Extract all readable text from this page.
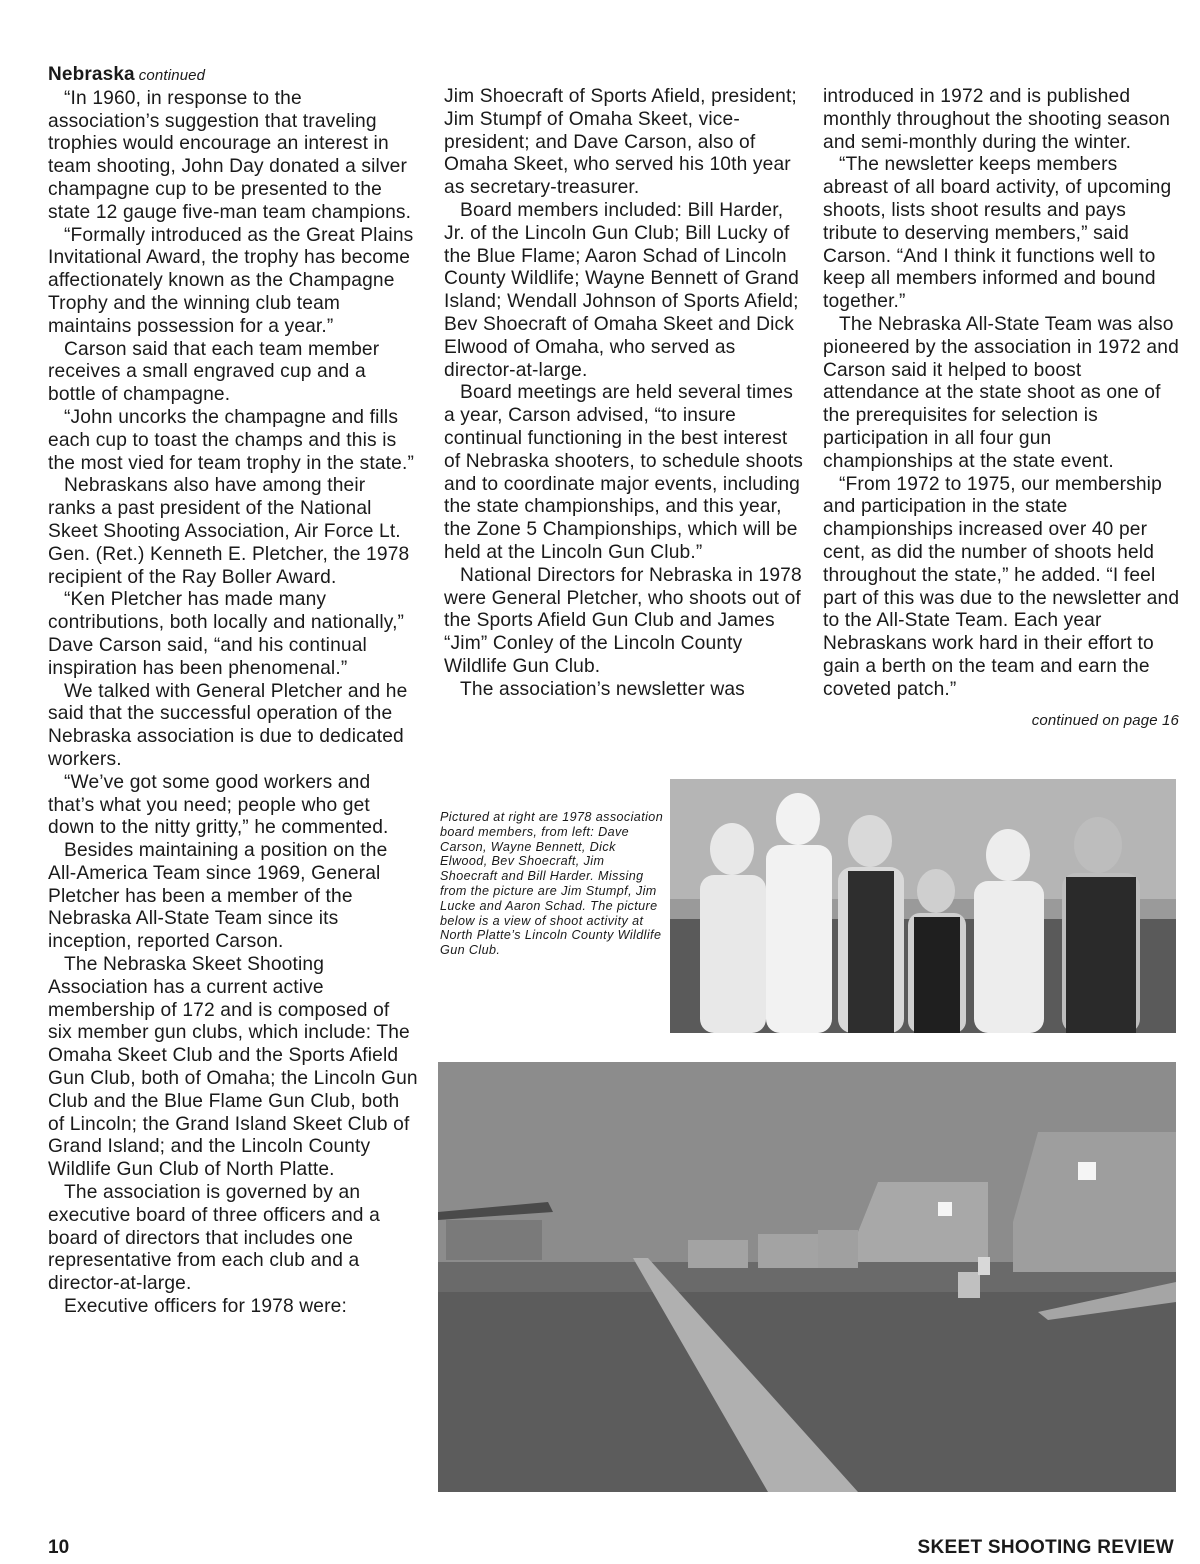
Nebraska continued

“In 1960, in response to the association’s suggestion that traveling trophies would encourage an interest in team shooting, John Day donated a silver champagne cup to be presented to the state 12 gauge five-man team champions.

“Formally introduced as the Great Plains Invitational Award, the trophy has become affectionately known as the Champagne Trophy and the winning club team maintains possession for a year.”

Carson said that each team member receives a small engraved cup and a bottle of champagne.

“John uncorks the champagne and fills each cup to toast the champs and this is the most vied for team trophy in the state.”

Nebraskans also have among their ranks a past president of the National Skeet Shooting Association, Air Force Lt. Gen. (Ret.) Kenneth E. Pletcher, the 1978 recipient of the Ray Boller Award.

“Ken Pletcher has made many contributions, both locally and nationally,” Dave Carson said, “and his continual inspiration has been phenomenal.”

We talked with General Pletcher and he said that the successful operation of the Nebraska association is due to dedicated workers.

“We’ve got some good workers and that’s what you need; people who get down to the nitty gritty,” he commented.

Besides maintaining a position on the All-America Team since 1969, General Pletcher has been a member of the Nebraska All-State Team since its inception, reported Carson.

The Nebraska Skeet Shooting Association has a current active membership of 172 and is composed of six member gun clubs, which include: The Omaha Skeet Club and the Sports Afield Gun Club, both of Omaha; the Lincoln Gun Club and the Blue Flame Gun Club, both of Lincoln; the Grand Island Skeet Club of Grand Island; and the Lincoln County Wildlife Gun Club of North Platte.

The association is governed by an executive board of three officers and a board of directors that includes one representative from each club and a director-at-large.

Executive officers for 1978 were:

Jim Shoecraft of Sports Afield, president; Jim Stumpf of Omaha Skeet, vice-president; and Dave Carson, also of Omaha Skeet, who served his 10th year as secretary-treasurer.

Board members included: Bill Harder, Jr. of the Lincoln Gun Club; Bill Lucky of the Blue Flame; Aaron Schad of Lincoln County Wildlife; Wayne Bennett of Grand Island; Wendall Johnson of Sports Afield; Bev Shoecraft of Omaha Skeet and Dick Elwood of Omaha, who served as director-at-large.

Board meetings are held several times a year, Carson advised, “to insure continual functioning in the best interest of Nebraska shooters, to schedule shoots and to coordinate major events, including the state championships, and this year, the Zone 5 Championships, which will be held at the Lincoln Gun Club.”

National Directors for Nebraska in 1978 were General Pletcher, who shoots out of the Sports Afield Gun Club and James “Jim” Conley of the Lincoln County Wildlife Gun Club.

The association’s newsletter was

introduced in 1972 and is published monthly throughout the shooting season and semi-monthly during the winter.

“The newsletter keeps members abreast of all board activity, of upcoming shoots, lists shoot results and pays tribute to deserving members,” said Carson. “And I think it functions well to keep all members informed and bound together.”

The Nebraska All-State Team was also pioneered by the association in 1972 and Carson said it helped to boost attendance at the state shoot as one of the prerequisites for selection is participation in all four gun championships at the state event.

“From 1972 to 1975, our membership and participation in the state championships increased over 40 per cent, as did the number of shoots held throughout the state,” he added. “I feel part of this was due to the newsletter and to the All-State Team. Each year Nebraskans work hard in their effort to gain a berth on the team and earn the coveted patch.”

continued on page 16
Pictured at right are 1978 association board members, from left: Dave Carson, Wayne Bennett, Dick Elwood, Bev Shoecraft, Jim Shoecraft and Bill Harder. Missing from the picture are Jim Stumpf, Jim Lucke and Aaron Schad. The picture below is a view of shoot activity at North Platte’s Lincoln County Wildlife Gun Club.
10	SKEET SHOOTING REVIEW
